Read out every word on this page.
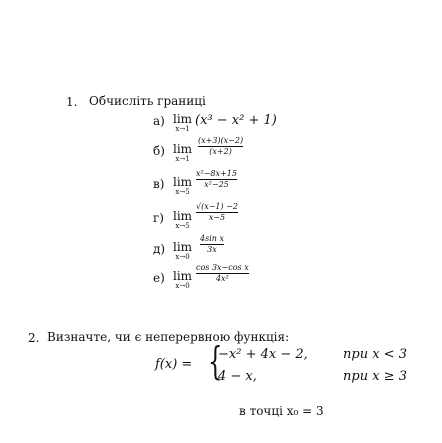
1. Обчисліть границі
а) lim
x→1
(x³ − x² + 1)
б) lim
x→1
(x+3)(x−2)
(x+2)
в) lim
x→5
x²−8x+15
x²−25
г) lim
x→5
√(x−1) −2
x−5
д) lim
x→0
4sin x
3x
е) lim
x→0
cos 3x−cos x
4x²
2. Визначте, чи є неперервною функція:
f(x) = {
−x² + 4x − 2,	при x < 3
4 − x,	при x ≥ 3
в точці x₀ = 3
